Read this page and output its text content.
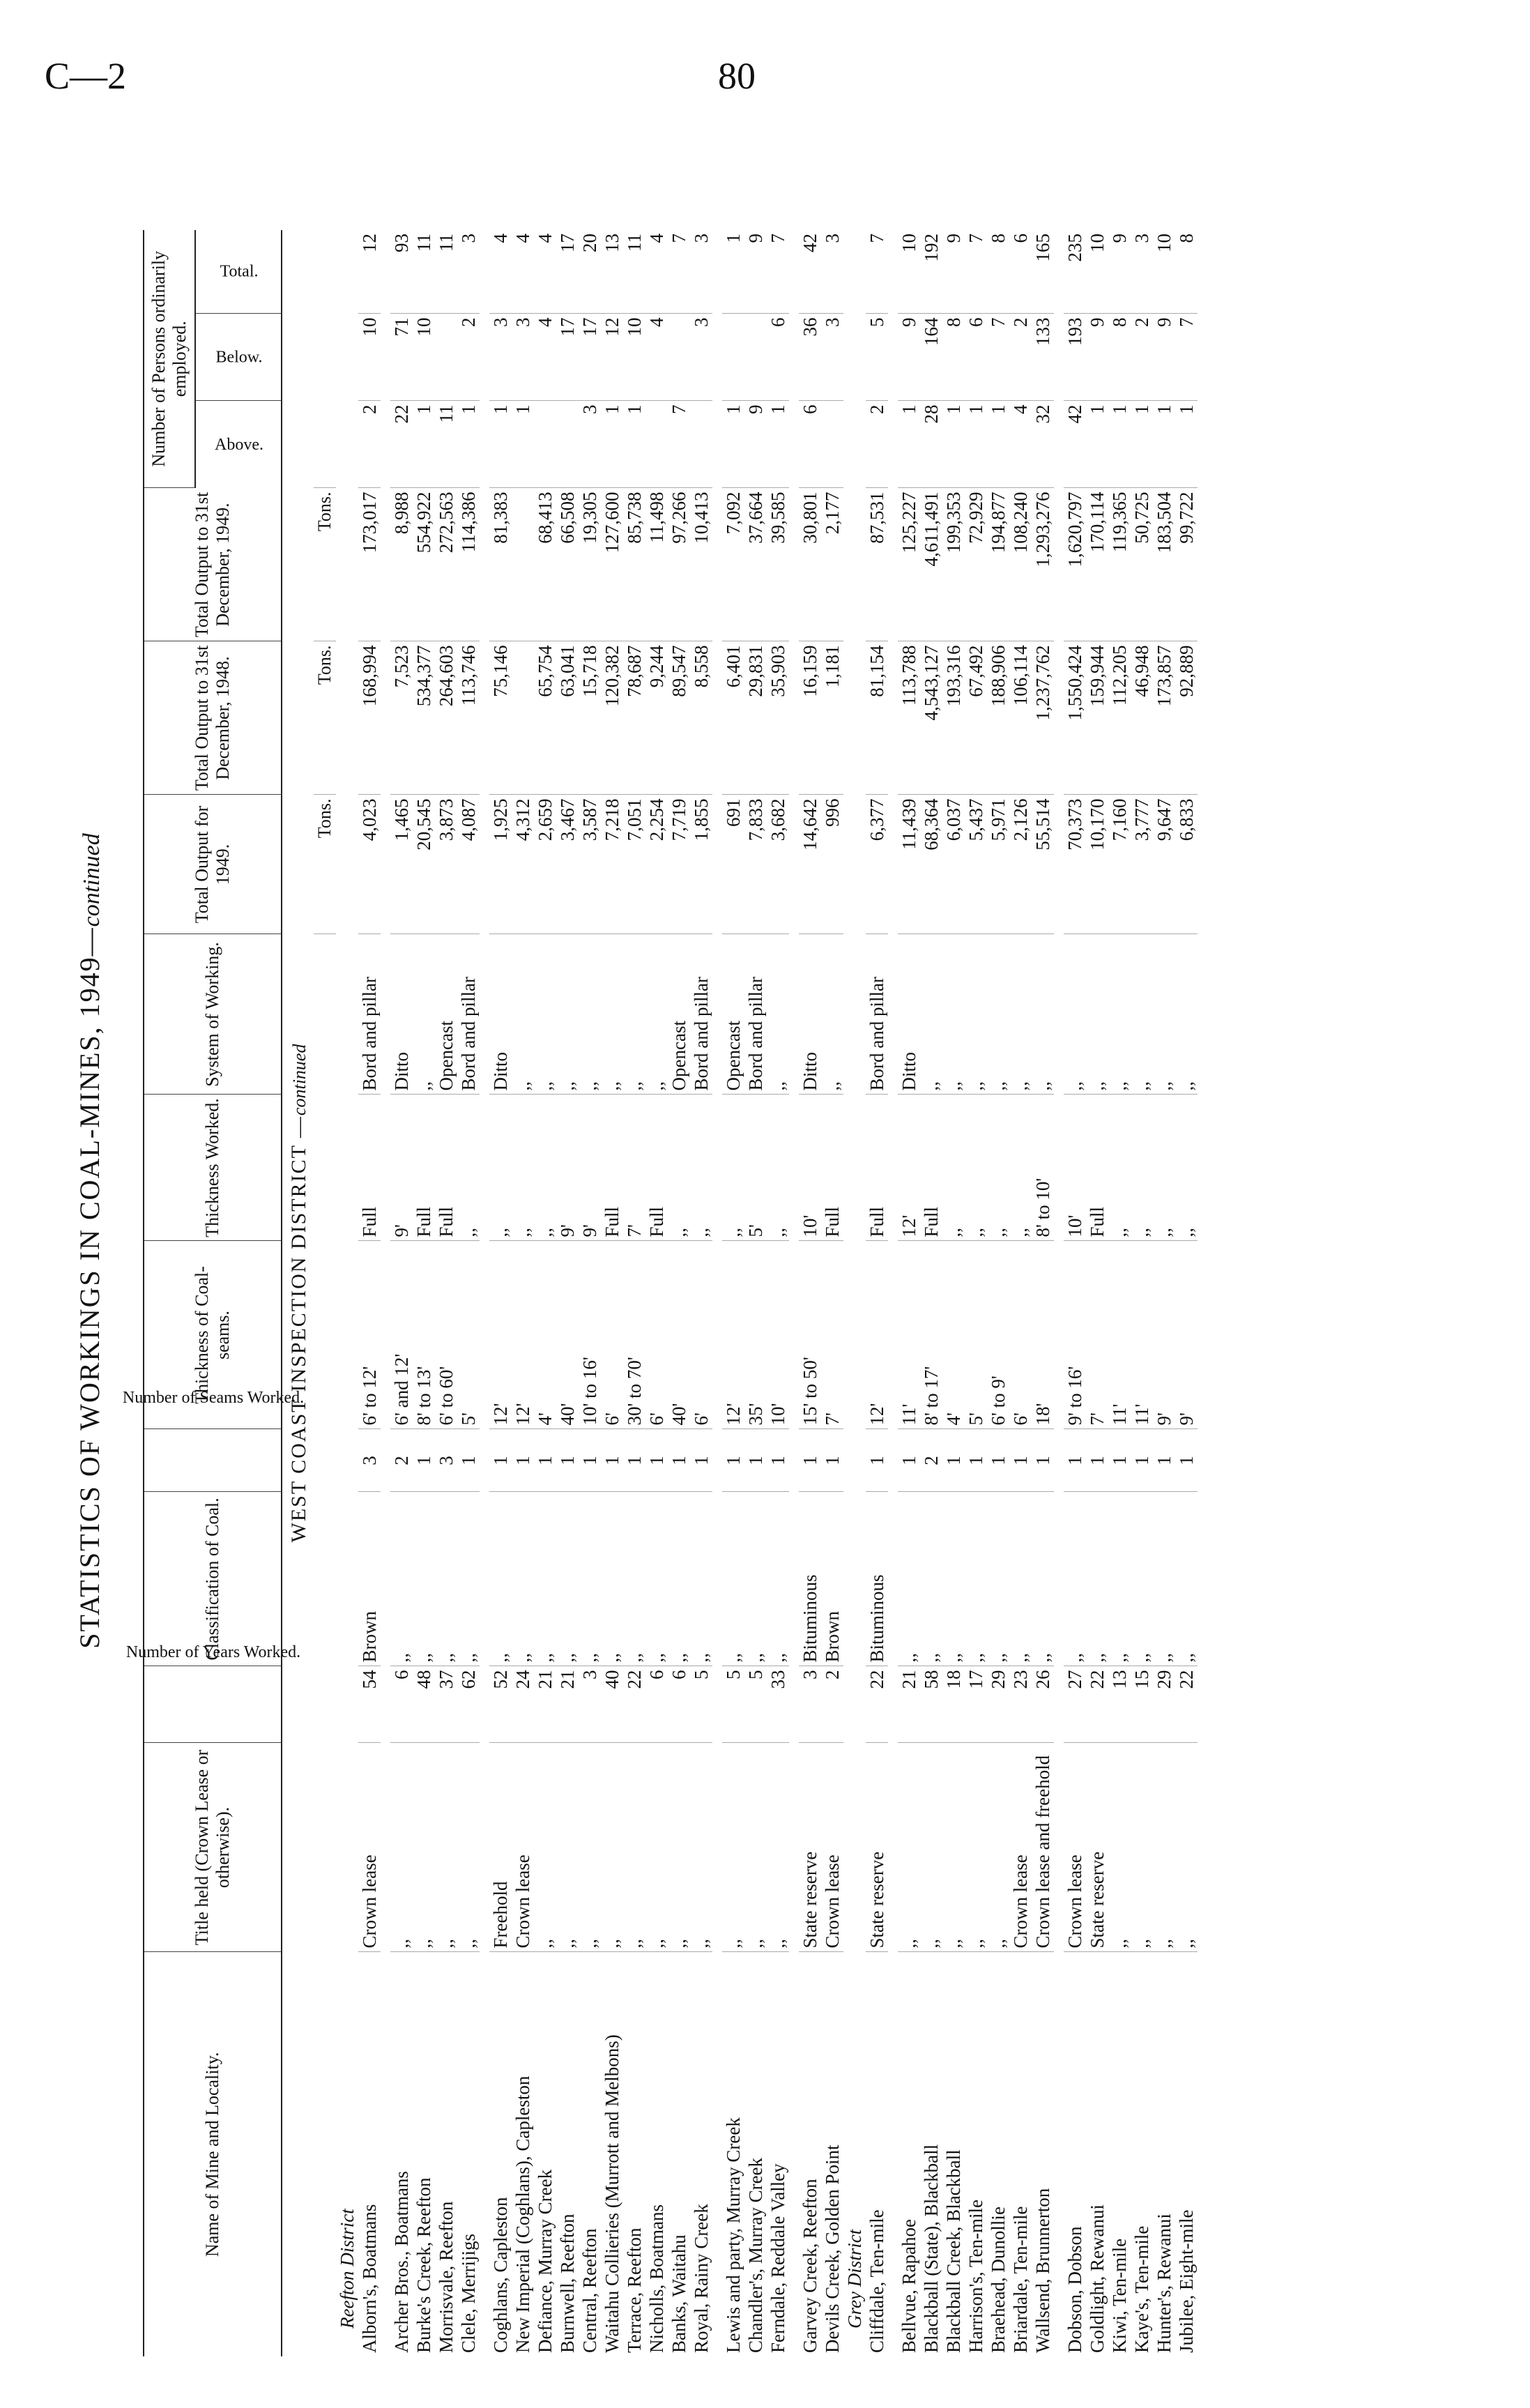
C—2	80
STATISTICS OF WORKINGS IN COAL-MINES, 1949—continued
Name of Mine and Locality.	Title held (Crown Lease or otherwise).	Number of Years Worked.	Classification of Coal.	Number of Seams Worked.	Thickness of Coal-seams.	Thickness Worked.	System of Working.	Total Output for 1949.	Total Output to 31st December, 1948.	Total Output to 31st December, 1949.	Number of Persons ordinarily employed.		
											Above.	Below.	Total.
WEST COAST INSPECTION DISTRICT —continued													
								Tons.	Tons.	Tons.			
Reefton District													
Alborn's, Boatmans	Crown lease	54	Brown	3	6' to 12'	Full	Bord and pillar	4,023	168,994	173,017	2	10	12

Archer Bros., Boatmans	,,	6	,,	2	6' and 12'	9'	Ditto	1,465	7,523	8,988	22	71	93
Burke's Creek, Reefton	,,	48	,,	1	8' to 13'	Full	,,	20,545	534,377	554,922	1	10	11
Morrisvale, Reefton	,,	37	,,	3	6' to 60'	Full	Opencast	3,873	264,603	272,563	11		11
Clele, Merrijigs	,,	62	,,	1	5'	,,	Bord and pillar	4,087	113,746	114,386	1	2	3

Coghlans, Capleston	Freehold	52	,,	1	12'	,,	Ditto	1,925	75,146	81,383	1	3	4
New Imperial (Coghlans), Capleston	Crown lease	24	,,	1	12'	,,	,,	4,312			1	3	4
Defiance, Murray Creek	,,	21	,,	1	4'	,,	,,	2,659	65,754	68,413		4	4
Burnwell, Reefton	,,	21	,,	1	40'	9'	,,	3,467	63,041	66,508		17	17
Central, Reefton	,,	3	,,	1	10' to 16'	9'	,,	3,587	15,718	19,305	3	17	20
Waitahu Collieries (Murrott and Melbons)	,,	40	,,	1	6'	Full	,,	7,218	120,382	127,600	1	12	13
Terrace, Reefton	,,	22	,,	1	30' to 70'	7'	,,	7,051	78,687	85,738	1	10	11
Nicholls, Boatmans	,,	6	,,	1	6'	Full	,,	2,254	9,244	11,498		4	4
Banks, Waitahu	,,	6	,,	1	40'	,,	Opencast	7,719	89,547	97,266	7		7
Royal, Rainy Creek	,,	5	,,	1	6'	,,	Bord and pillar	1,855	8,558	10,413		3	3

Lewis and party, Murray Creek	,,	5	,,	1	12'	,,	Opencast	691	6,401	7,092	1		1
Chandler's, Murray Creek	,,	5	,,	1	35'	5'	Bord and pillar	7,833	29,831	37,664	9		9
Ferndale, Reddale Valley	,,	33	,,	1	10'	,,	,,	3,682	35,903	39,585	1	6	7

Garvey Creek, Reefton	State reserve	3	Bituminous	1	15' to 50'	10'	Ditto	14,642	16,159	30,801	6	36	42
Devils Creek, Golden Point	Crown lease	2	Brown	1	7'	Full	,,	996	1,181	2,177		3	3
Grey District													
Cliffdale, Ten-mile	State reserve	22	Bituminous	1	12'	Full	Bord and pillar	6,377	81,154	87,531	2	5	7

Bellvue, Rapahoe	,,	21	,,	1	11'	12'	Ditto	11,439	113,788	125,227	1	9	10
Blackball (State), Blackball	,,	58	,,	2	8' to 17'	Full	,,	68,364	4,543,127	4,611,491	28	164	192
Blackball Creek, Blackball	,,	18	,,	1	4'	,,	,,	6,037	193,316	199,353	1	8	9
Harrison's, Ten-mile	,,	17	,,	1	5'	,,	,,	5,437	67,492	72,929	1	6	7
Braehead, Dunollie	,,	29	,,	1	6' to 9'	,,	,,	5,971	188,906	194,877	1	7	8
Briardale, Ten-mile	Crown lease	23	,,	1	6'	,,	,,	2,126	106,114	108,240	4	2	6
Wallsend, Brunnerton	Crown lease and freehold	26	,,	1	18'	8' to 10'	,,	55,514	1,237,762	1,293,276	32	133	165

Dobson, Dobson	Crown lease	27	,,	1	9' to 16'	10'	,,	70,373	1,550,424	1,620,797	42	193	235
Goldlight, Rewanui	State reserve	22	,,	1	7'	Full	,,	10,170	159,944	170,114	1	9	10
Kiwi, Ten-mile	,,	13	,,	1	11'	,,	,,	7,160	112,205	119,365	1	8	9
Kaye's, Ten-mile	,,	15	,,	1	11'	,,	,,	3,777	46,948	50,725	1	2	3
Hunter's, Rewanui	,,	29	,,	1	9'	,,	,,	9,647	173,857	183,504	1	9	10
Jubilee, Eight-mile	,,	22	,,	1	9'	,,	,,	6,833	92,889	99,722	1	7	8
